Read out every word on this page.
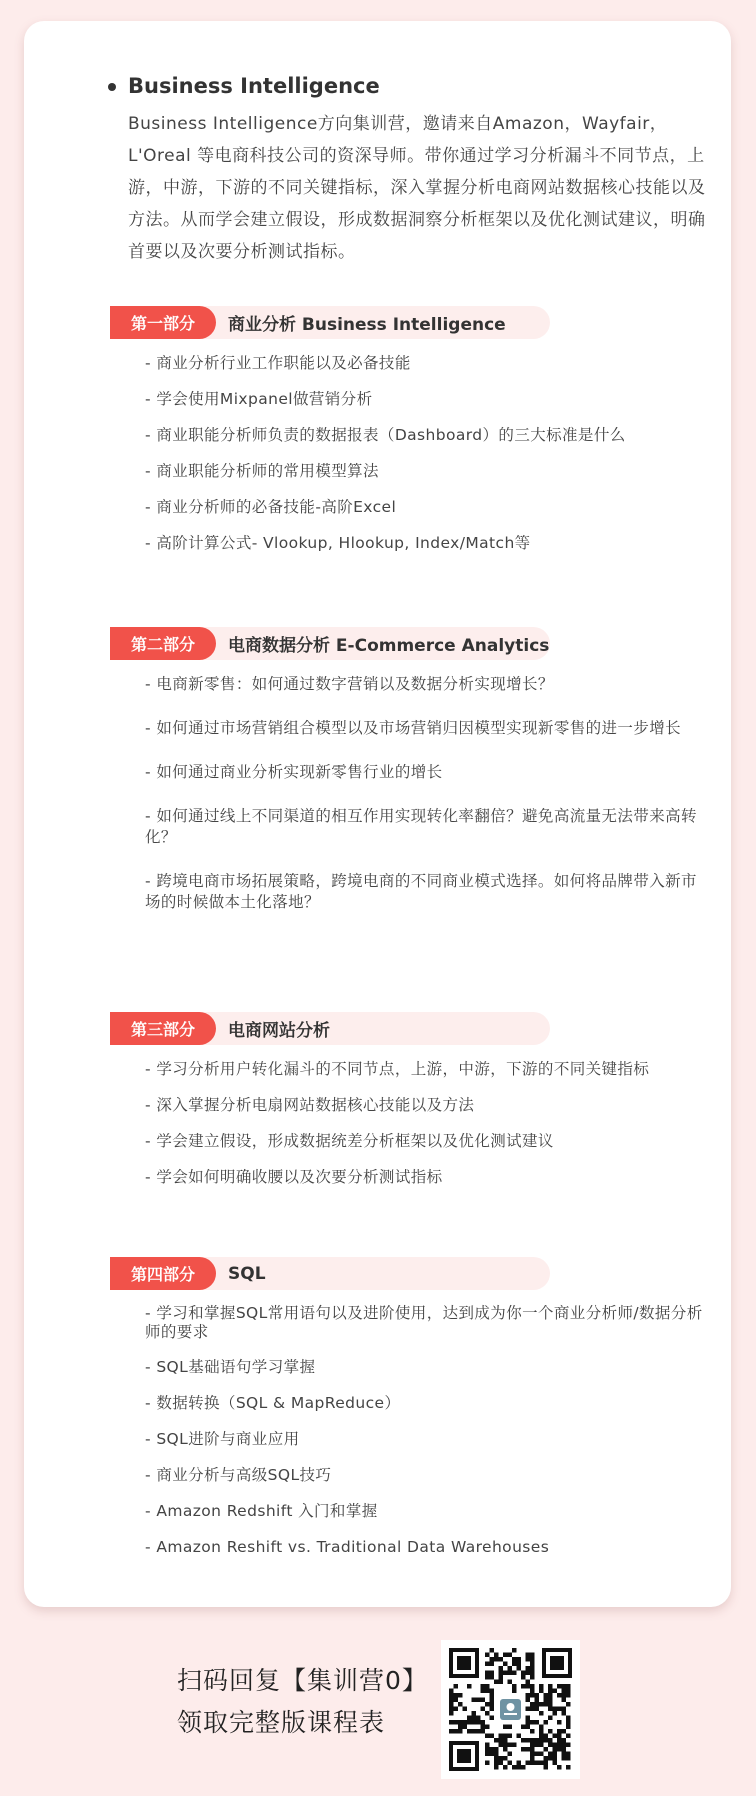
Business Intelligence
Business Intelligence方向集训营，邀请来自Amazon，Wayfair，L'Oreal 等电商科技公司的资深导师。带你通过学习分析漏斗不同节点，上游，中游，下游的不同关键指标，深入掌握分析电商网站数据核心技能以及方法。从而学会建立假设，形成数据洞察分析框架以及优化测试建议，明确首要以及次要分析测试指标。
第一部分	商业分析 Business Intelligence
- 商业分析行业工作职能以及必备技能
- 学会使用Mixpanel做营销分析
- 商业职能分析师负责的数据报表（Dashboard）的三大标准是什么
- 商业职能分析师的常用模型算法
- 商业分析师的必备技能-高阶Excel
- 高阶计算公式- Vlookup, Hlookup, Index/Match等
第二部分	电商数据分析 E-Commerce Analytics
- 电商新零售：如何通过数字营销以及数据分析实现增长？
- 如何通过市场营销组合模型以及市场营销归因模型实现新零售的进一步增长
- 如何通过商业分析实现新零售行业的增长
- 如何通过线上不同渠道的相互作用实现转化率翻倍？避免高流量无法带来高转化？
- 跨境电商市场拓展策略，跨境电商的不同商业模式选择。如何将品牌带入新市场的时候做本土化落地？
第三部分	电商网站分析
- 学习分析用户转化漏斗的不同节点，上游，中游，下游的不同关键指标
- 深入掌握分析电扇网站数据核心技能以及方法
- 学会建立假设，形成数据统差分析框架以及优化测试建议
- 学会如何明确收腰以及次要分析测试指标
第四部分	SQL
- 学习和掌握SQL常用语句以及进阶使用，达到成为你一个商业分析师/数据分析师的要求
- SQL基础语句学习掌握
- 数据转换（SQL & MapReduce）
- SQL进阶与商业应用
- 商业分析与高级SQL技巧
- Amazon Redshift 入门和掌握
- Amazon Reshift vs. Traditional Data Warehouses
扫码回复【集训营0】
领取完整版课程表
